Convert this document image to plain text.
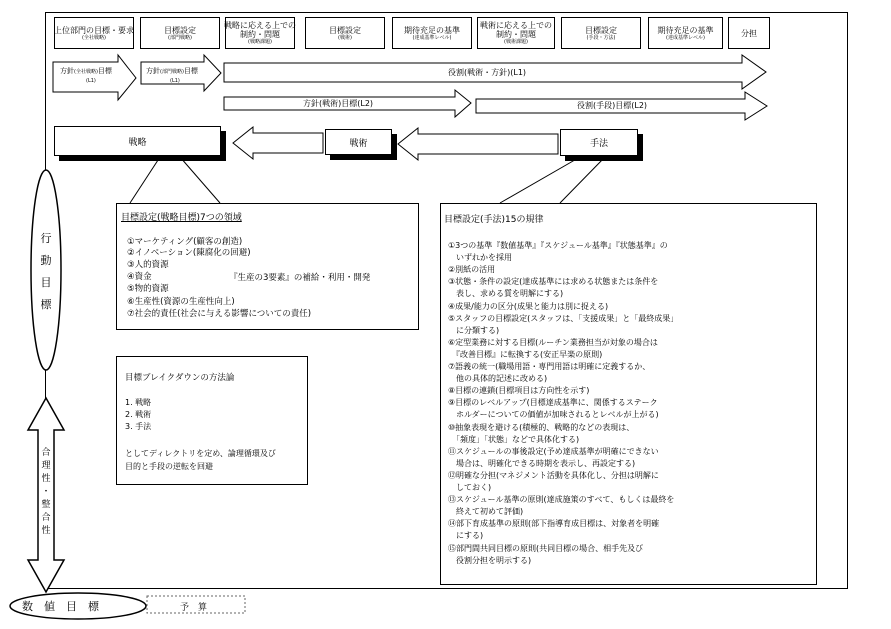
上位部門の目標・要求
(全社戦略)
目標設定
(部門戦略)
戦略に応える上での
制約・問題
(戦略課題)
目標設定
(戦術)
期待充足の基準
(達成基準レベル)
戦術に応える上での
制約・問題
(戦術課題)
目標設定
(手段・方法)
期待充足の基準
(達成基準レベル)	分担
方針(全社戦略)目標
(L1)
方針(部門戦略)目標
(L1)
役割(戦術・方針)(L1)
方針(戦術)目標(L2)	役割(手段)目標(L2)
戦略	戦術	手法
目標設定(戦略目標)7つの領域
①マーケティング(顧客の創造)
②イノベーション(陳腐化の回避)
③人的資源
④資金
⑤物的資源
⑥生産性(資源の生産性向上)
⑦社会的責任(社会に与える影響についての責任)
『生産の3要素』の補給・利用・開発
目標ブレイクダウンの方法論
1. 戦略
2. 戦術
3. 手法
としてディレクトリを定め、論理循環及び
目的と手段の逆転を回避
目標設定(手法)15の規律
①3つの基準『数値基準』『スケジュール基準』『状態基準』の
　いずれかを採用
②別紙の活用
③状態・条件の設定(達成基準には求める状態または条件を
　表し、求める質を明解にする)
④成果/能力の区分(成果と能力は別に捉える)
⑤スタッフの目標設定(スタッフは、「支援成果」と「最終成果」
　に分類する)
⑥定型業務に対する目標(ルーチン業務担当が対象の場合は
　『改善目標』に転換する(安正早楽の原則)
⑦語義の統一(職場用語・専門用語は明確に定義するか、
　他の具体的記述に改める)
⑧目標の連鎖(目標項目は方向性を示す)
⑨目標のレベルアップ(目標達成基準に、関係するステーク
　ホルダーについての価値が加味されるとレベルが上がる)
⑩抽象表現を避ける(積極的、戦略的などの表現は、
　「頻度」「状態」などで具体化する)
⑪スケジュールの事後設定(予め達成基準が明確にできない
　場合は、明確化できる時期を表示し、再設定する)
⑫明確な分担(マネジメント活動を具体化し、分担は明解に
　しておく)
⑬スケジュール基準の原則(達成施策のすべて、もしくは最終を
　終えて初めて評価)
⑭部下育成基準の原則(部下指導育成目標は、対象者を明確
　にする)
⑮部門間共同目標の原則(共同目標の場合、相手先及び
　役割分担を明示する)
行
動
目
標
合
理
性
・
整
合
性
数　値　目　標	予　算
